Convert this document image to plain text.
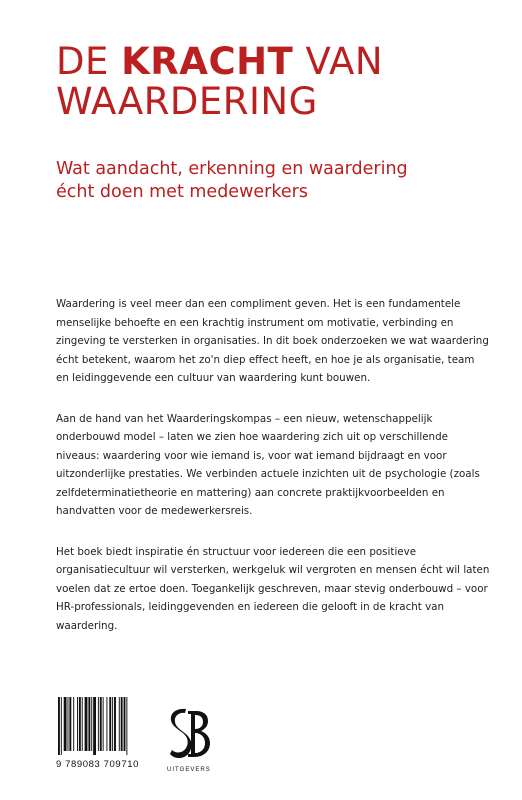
DE KRACHT VAN
WAARDERING
Wat aandacht, erkenning en waardering
écht doen met medewerkers
Waardering is veel meer dan een compliment geven. Het is een fundamentele
menselijke behoefte en een krachtig instrument om motivatie, verbinding en
zingeving te versterken in organisaties. In dit boek onderzoeken we wat waardering
écht betekent, waarom het zo'n diep effect heeft, en hoe je als organisatie, team
en leidinggevende een cultuur van waardering kunt bouwen.
Aan de hand van het Waarderingskompas – een nieuw, wetenschappelijk
onderbouwd model – laten we zien hoe waardering zich uit op verschillende
niveaus: waardering voor wie iemand is, voor wat iemand bijdraagt en voor
uitzonderlijke prestaties. We verbinden actuele inzichten uit de psychologie (zoals
zelfdeterminatietheorie en mattering) aan concrete praktijkvoorbeelden en
handvatten voor de medewerkersreis.
Het boek biedt inspiratie én structuur voor iedereen die een positieve
organisatiecultuur wil versterken, werkgeluk wil vergroten en mensen écht wil laten
voelen dat ze ertoe doen. Toegankelijk geschreven, maar stevig onderbouwd – voor
HR-professionals, leidinggevenden en iedereen die gelooft in de kracht van
waardering.
9 789083 709710	UITGEVERS
